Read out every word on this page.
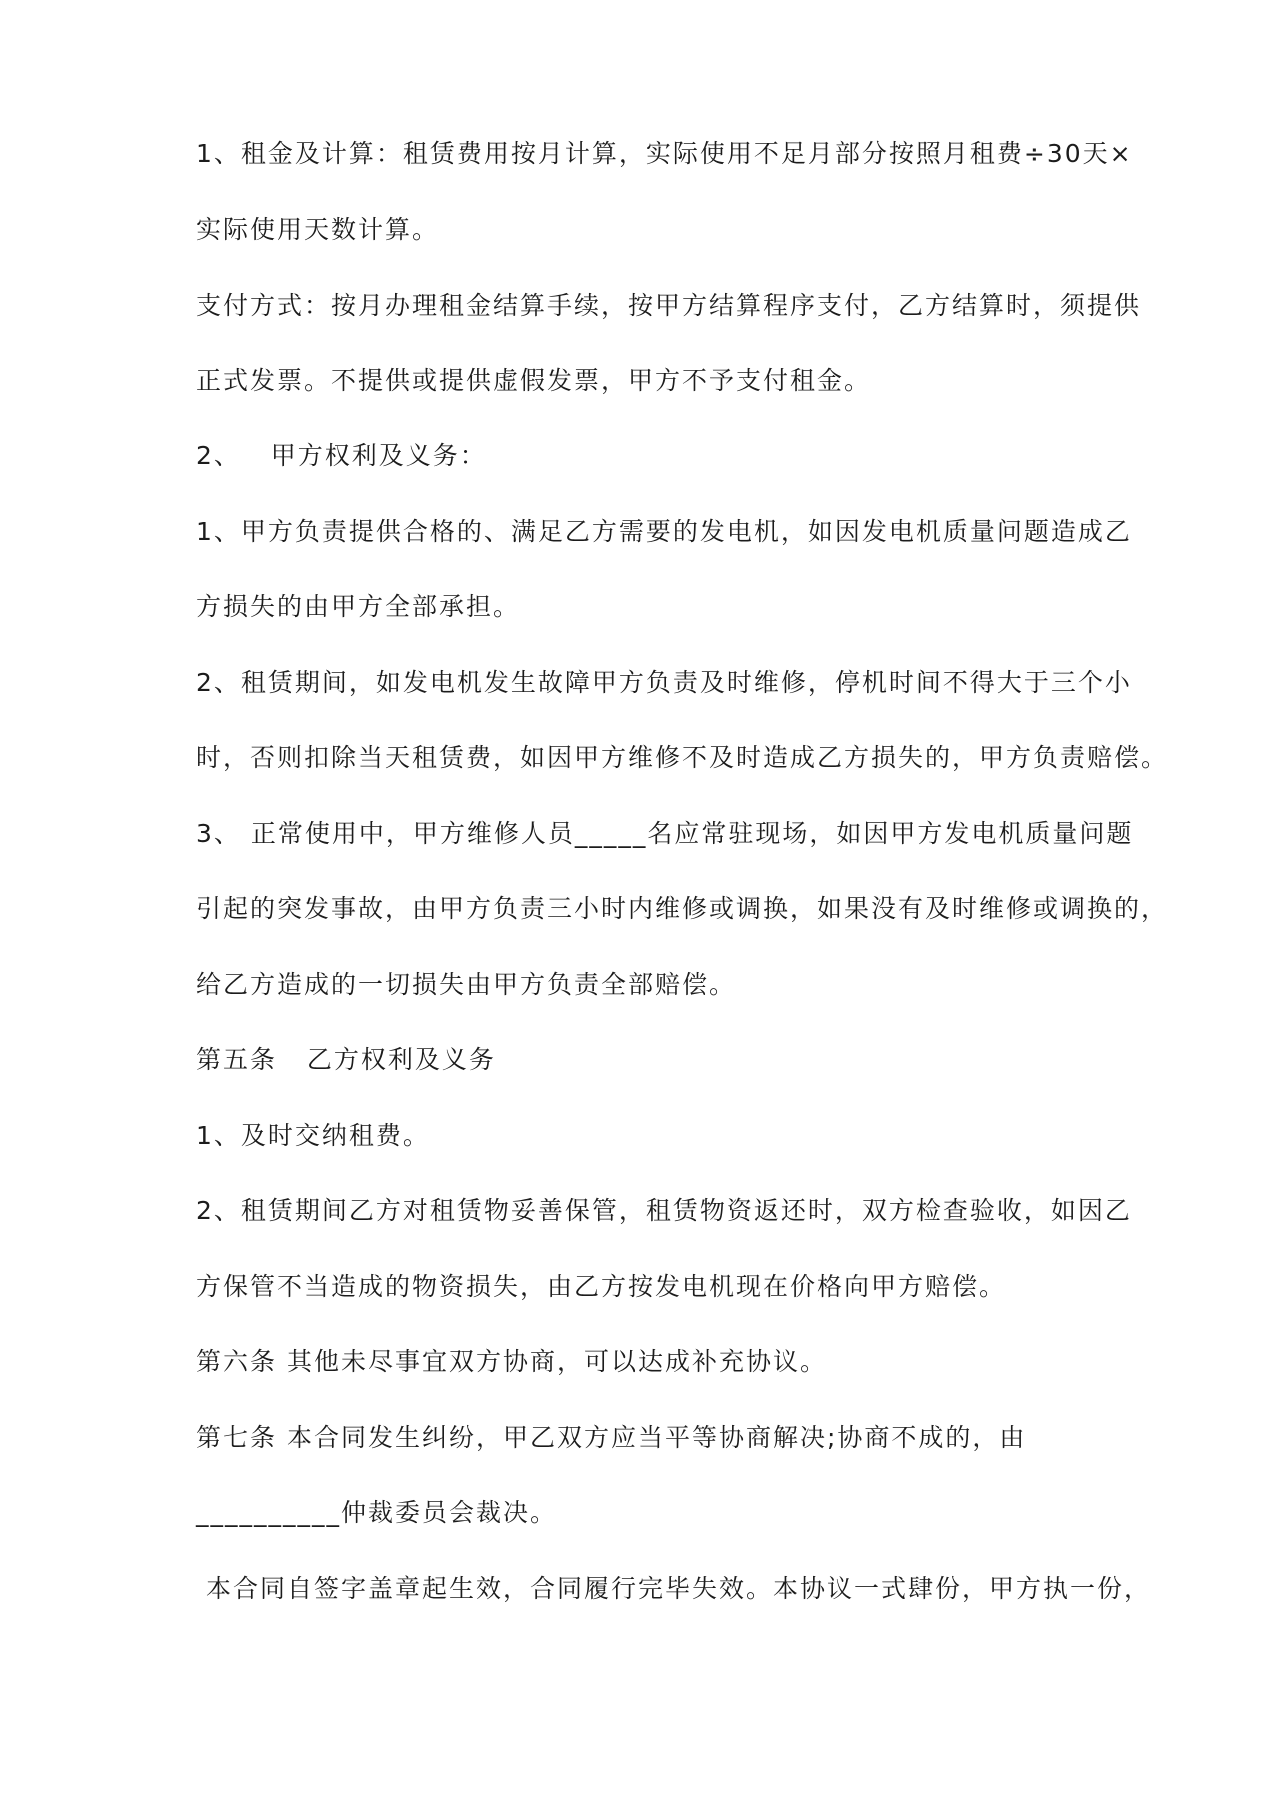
1、租金及计算：租赁费用按月计算，实际使用不足月部分按照月租费÷30天×

实际使用天数计算。

支付方式：按月办理租金结算手续，按甲方结算程序支付，乙方结算时，须提供

正式发票。不提供或提供虚假发票，甲方不予支付租金。

2、   甲方权利及义务：

1、甲方负责提供合格的、满足乙方需要的发电机，如因发电机质量问题造成乙

方损失的由甲方全部承担。

2、租赁期间，如发电机发生故障甲方负责及时维修，停机时间不得大于三个小

时，否则扣除当天租赁费，如因甲方维修不及时造成乙方损失的，甲方负责赔偿。

3、 正常使用中，甲方维修人员_____名应常驻现场，如因甲方发电机质量问题

引起的突发事故，由甲方负责三小时内维修或调换，如果没有及时维修或调换的，

给乙方造成的一切损失由甲方负责全部赔偿。

第五条   乙方权利及义务

1、及时交纳租费。

2、租赁期间乙方对租赁物妥善保管，租赁物资返还时，双方检查验收，如因乙

方保管不当造成的物资损失，由乙方按发电机现在价格向甲方赔偿。

第六条 其他未尽事宜双方协商，可以达成补充协议。

第七条 本合同发生纠纷，甲乙双方应当平等协商解决;协商不成的，由

__________仲裁委员会裁决。

本合同自签字盖章起生效，合同履行完毕失效。本协议一式肆份，甲方执一份，
